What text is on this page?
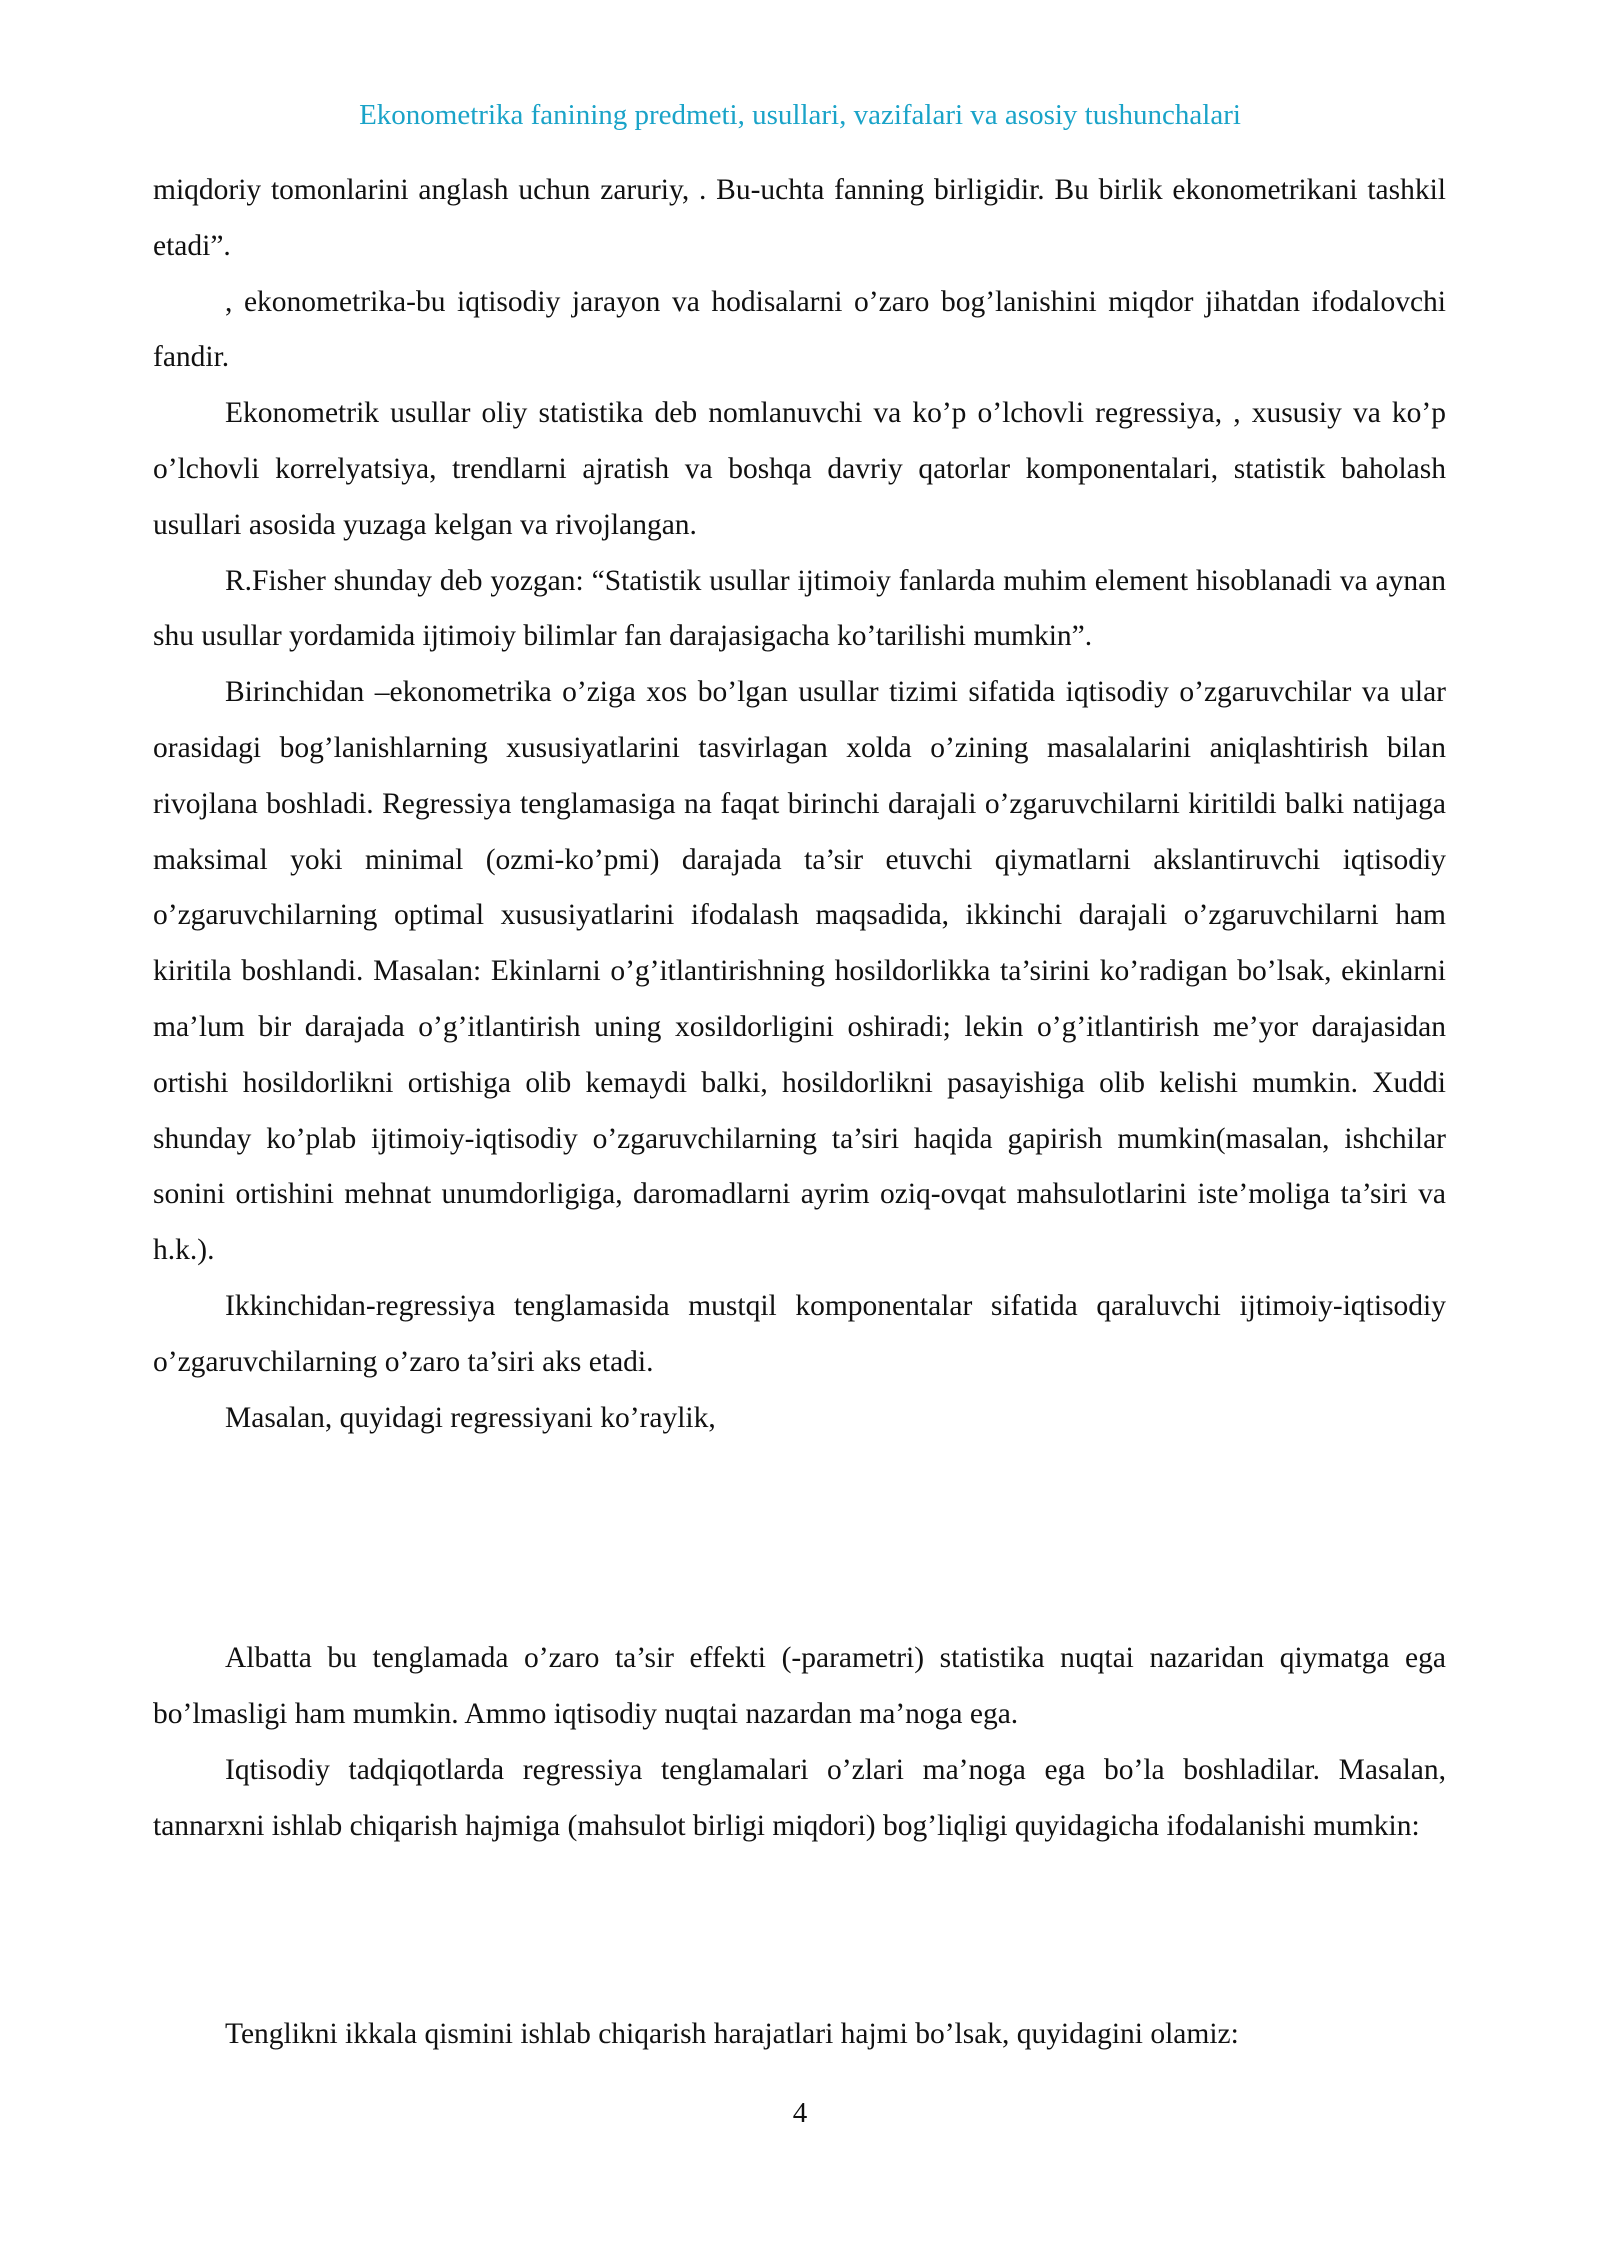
Ekonometrika fanining predmeti, usullari, vazifalari va asosiy tushunchalari

miqdoriy tomonlarini anglash uchun zaruriy, . Bu-uchta fanning birligidir. Bu birlik ekonometrikani tashkil etadi”.

, ekonometrika-bu iqtisodiy jarayon va hodisalarni o’zaro bog’lanishini miqdor jihatdan ifodalovchi fandir.

Ekonometrik usullar oliy statistika deb nomlanuvchi va ko’p o’lchovli regressiya, , xususiy va ko’p o’lchovli korrelyatsiya, trendlarni ajratish va boshqa davriy qatorlar komponentalari, statistik baholash usullari asosida yuzaga kelgan va rivojlangan.

R.Fisher shunday deb yozgan: “Statistik usullar ijtimoiy fanlarda muhim element hisoblanadi va aynan shu usullar yordamida ijtimoiy bilimlar fan darajasigacha ko’tarilishi mumkin”.

Birinchidan –ekonometrika o’ziga xos bo’lgan usullar tizimi sifatida iqtisodiy o’zgaruvchilar va ular orasidagi bog’lanishlarning xususiyatlarini tasvirlagan xolda o’zining masalalarini aniqlashtirish bilan rivojlana boshladi. Regressiya tenglamasiga na faqat birinchi darajali o’zgaruvchilarni kiritildi balki natijaga maksimal yoki minimal (ozmi-ko’pmi) darajada ta’sir etuvchi qiymatlarni akslantiruvchi iqtisodiy o’zgaruvchilarning optimal xususiyatlarini ifodalash maqsadida, ikkinchi darajali o’zgaruvchilarni ham kiritila boshlandi. Masalan: Ekinlarni o’g’itlantirishning hosildorlikka ta’sirini ko’radigan bo’lsak, ekinlarni ma’lum bir darajada o’g’itlantirish uning xosildorligini oshiradi; lekin o’g’itlantirish me’yor darajasidan ortishi hosildorlikni ortishiga olib kemaydi balki, hosildorlikni pasayishiga olib kelishi mumkin. Xuddi shunday ko’plab ijtimoiy-iqtisodiy o’zgaruvchilarning ta’siri haqida gapirish mumkin(masalan, ishchilar sonini ortishini mehnat unumdorligiga, daromadlarni ayrim oziq-ovqat mahsulotlarini iste’moliga ta’siri va h.k.).

Ikkinchidan-regressiya tenglamasida mustqil komponentalar sifatida qaraluvchi ijtimoiy-iqtisodiy o’zgaruvchilarning o’zaro ta’siri aks etadi.

Masalan, quyidagi regressiyani ko’raylik,

Albatta bu tenglamada o’zaro ta’sir effekti (-parametri) statistika nuqtai nazaridan qiymatga ega bo’lmasligi ham mumkin. Ammo iqtisodiy nuqtai nazardan ma’noga ega.

Iqtisodiy tadqiqotlarda regressiya tenglamalari o’zlari ma’noga ega bo’la boshladilar. Masalan, tannarxni ishlab chiqarish hajmiga (mahsulot birligi miqdori) bog’liqligi quyidagicha ifodalanishi mumkin:

Tenglikni ikkala qismini ishlab chiqarish harajatlari hajmi bo’lsak, quyidagini olamiz:

4
